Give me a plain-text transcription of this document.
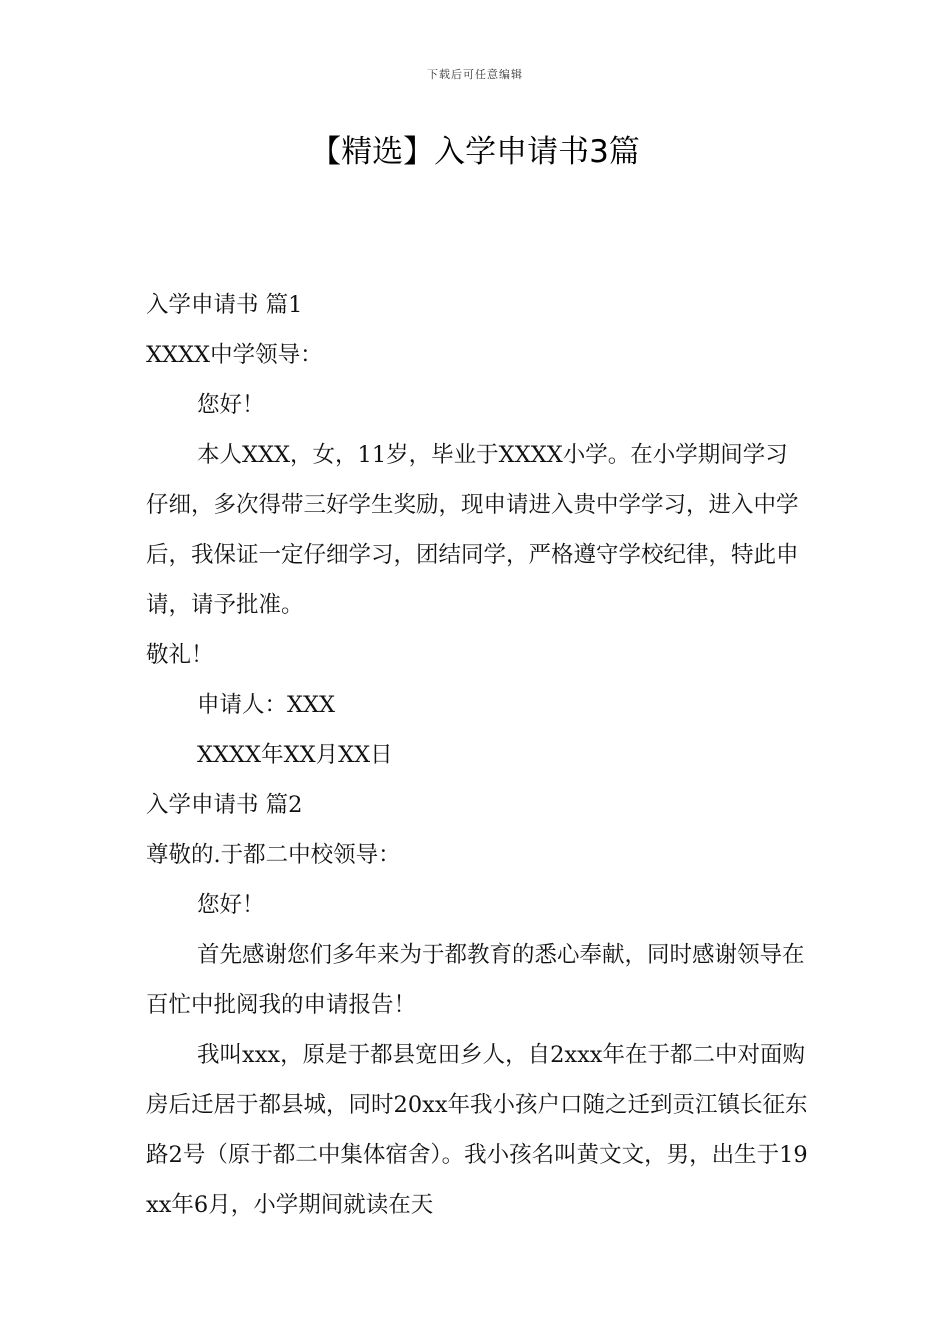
下载后可任意编辑
【精选】入学申请书3篇

入学申请书 篇1

XXXX中学领导：

您好！

本人XXX，女，11岁，毕业于XXXX小学。在小学期间学习仔细，多次得带三好学生奖励，现申请进入贵中学学习，进入中学后，我保证一定仔细学习，团结同学，严格遵守学校纪律，特此申请，请予批准。

敬礼！

申请人：XXX

XXXX年XX月XX日

入学申请书 篇2

尊敬的.于都二中校领导：

您好！

首先感谢您们多年来为于都教育的悉心奉献，同时感谢领导在百忙中批阅我的申请报告！

我叫xxx，原是于都县宽田乡人，自2xxx年在于都二中对面购房后迁居于都县城，同时20xx年我小孩户口随之迁到贡江镇长征东路2号（原于都二中集体宿舍）。我小孩名叫黄文文，男，出生于19xx年6月，小学期间就读在天
